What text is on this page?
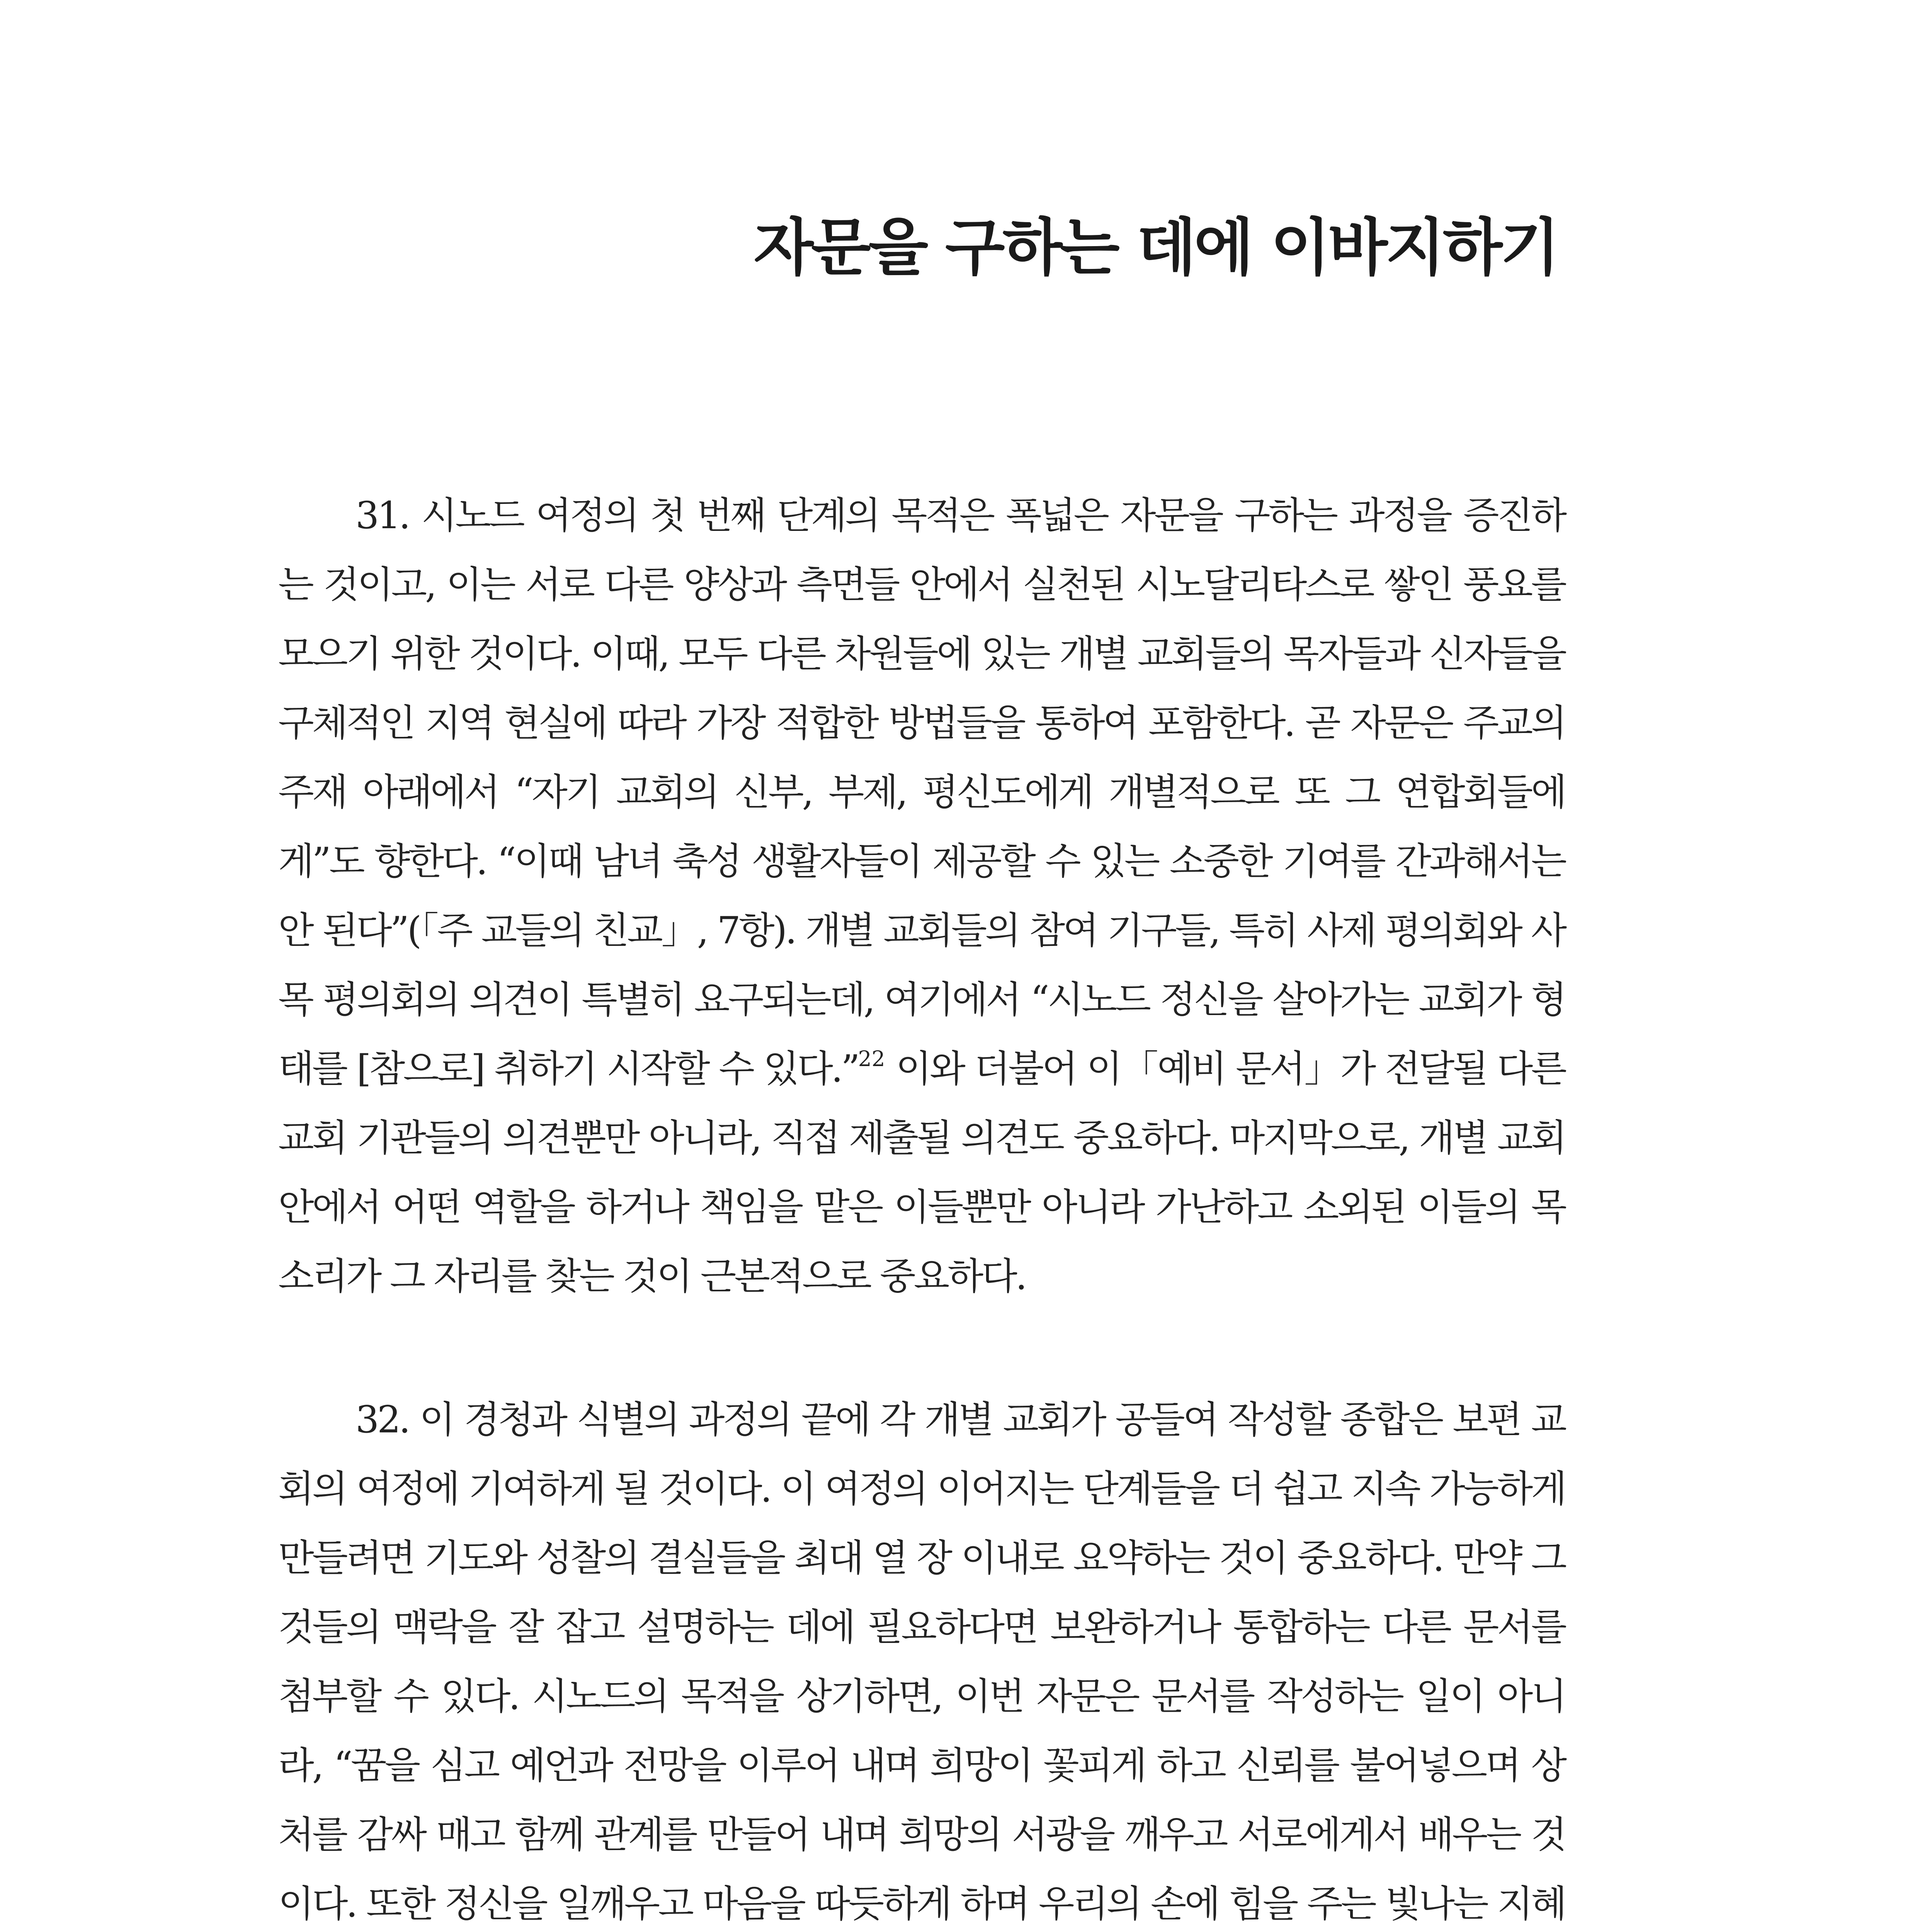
자문을 구하는 데에 이바지하기

31. 시노드 여정의 첫 번째 단계의 목적은 폭넓은 자문을 구하는 과정을 증진하는 것이고, 이는 서로 다른 양상과 측면들 안에서 실천된 시노달리타스로 쌓인 풍요를 모으기 위한 것이다. 이때, 모두 다른 차원들에 있는 개별 교회들의 목자들과 신자들을 구체적인 지역 현실에 따라 가장 적합한 방법들을 통하여 포함한다. 곧 자문은 주교의 주재 아래에서 “자기 교회의 신부, 부제, 평신도에게 개별적으로 또 그 연합회들에게”도 향한다. “이때 남녀 축성 생활자들이 제공할 수 있는 소중한 기여를 간과해서는 안 된다”(「주 교들의 친교」, 7항). 개별 교회들의 참여 기구들, 특히 사제 평의회와 사목 평의회의 의견이 특별히 요구되는데, 여기에서 “시노드 정신을 살아가는 교회가 형태를 [참으로] 취하기 시작할 수 있다.”$^{22}$ 이와 더불어 이「예비 문서」가 전달될 다른 교회 기관들의 의견뿐만 아니라, 직접 제출될 의견도 중요하다. 마지막으로, 개별 교회 안에서 어떤 역할을 하거나 책임을 맡은 이들뿐만 아니라 가난하고 소외된 이들의 목소리가 그 자리를 찾는 것이 근본적으로 중요하다.

32. 이 경청과 식별의 과정의 끝에 각 개별 교회가 공들여 작성할 종합은 보편 교회의 여정에 기여하게 될 것이다. 이 여정의 이어지는 단계들을 더 쉽고 지속 가능하게 만들려면 기도와 성찰의 결실들을 최대 열 장 이내로 요약하는 것이 중요하다. 만약 그것들의 맥락을 잘 잡고 설명하는 데에 필요하다면 보완하거나 통합하는 다른 문서를 첨부할 수 있다. 시노드의 목적을 상기하면, 이번 자문은 문서를 작성하는 일이 아니라, “꿈을 심고 예언과 전망을 이루어 내며 희망이 꽃피게 하고 신뢰를 불어넣으며 상처를 감싸 매고 함께 관계를 만들어 내며 희망의 서광을 깨우고 서로에게서 배우는 것이다. 또한 정신을 일깨우고 마음을 따듯하게 하며 우리의 손에 힘을 주는 빛나는 지혜
